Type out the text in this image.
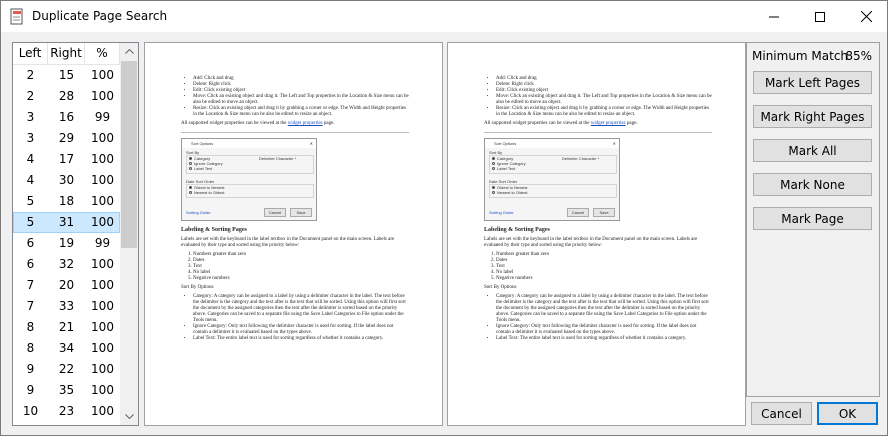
Duplicate Page Search
Left Right	%
2	15	100
2	28	100
3	16	99
3	29	100
4	17	100
4	30	100
5	18	100
5	31	100
6	19	99
6	32	100
7	20	100
7	33	100
8	21	100
8	34	100
9	22	100
9	35	100
10	23	100
• Add: Click and drag
• Delete: Right click
• Edit: Click existing object
• Move: Click an existing object and drag it. The Left and Top properties in the Location & Size menu can be also be edited to move an object.
• Resize: Click an existing object and drag it by grabbing a corner or edge. The Width and Height properties in the Location & Size menu can be also be edited to resize an object.

All supported widget properties can be viewed at the widget properties page.

Sort Options	✕
Sort By
Category	Delimiter Character *
Ignore Category
Label Text
Date Sort Order
Oldest to Newest
Newest to Oldest
Sorting Guide	Cancel	Save
Labeling & Sorting Pages

Labels are set with the keyboard in the label textbox in the Document panel on the main screen. Labels are evaluated by their type and sorted using the priority below:

1. Numbers greater than zero
2. Dates
3. Text
4. No label
5. Negative numbers

Sort By Options

• Category: A category can be assigned to a label by using a delimiter character in the label. The text before the delimiter is the category and the text after is the text that will be sorted. Using this option will first sort the document by the assigned categories then the text after the delimiter is sorted based on the priority above. Categories can be saved to a separate file using the Save Label Categories to File option under the Tools menu.
• Ignore Category: Only text following the delimiter character is used for sorting. If the label does not contain a delimiter it is evaluated based on the types above.
• Label Text: The entire label text is used for sorting regardless of whether it contains a category.
• Add: Click and drag
• Delete: Right click
• Edit: Click existing object
• Move: Click an existing object and drag it. The Left and Top properties in the Location & Size menu can be also be edited to move an object.
• Resize: Click an existing object and drag it by grabbing a corner or edge. The Width and Height properties in the Location & Size menu can be also be edited to resize an object.

All supported widget properties can be viewed at the widget properties page.

Sort Options	✕
Sort By
Category	Delimiter Character *
Ignore Category
Label Text
Date Sort Order
Oldest to Newest
Newest to Oldest
Sorting Guide	Cancel	Save
Labeling & Sorting Pages

Labels are set with the keyboard in the label textbox in the Document panel on the main screen. Labels are evaluated by their type and sorted using the priority below:

1. Numbers greater than zero
2. Dates
3. Text
4. No label
5. Negative numbers

Sort By Options

• Category: A category can be assigned to a label by using a delimiter character in the label. The text before the delimiter is the category and the text after is the text that will be sorted. Using this option will first sort the document by the assigned categories then the text after the delimiter is sorted based on the priority above. Categories can be saved to a separate file using the Save Label Categories to File option under the Tools menu.
• Ignore Category: Only text following the delimiter character is used for sorting. If the label does not contain a delimiter it is evaluated based on the types above.
• Label Text: The entire label text is used for sorting regardless of whether it contains a category.
Minimum Match
85%
Mark Left Pages
Mark Right Pages
Mark All
Mark None
Mark Page
Cancel	OK
